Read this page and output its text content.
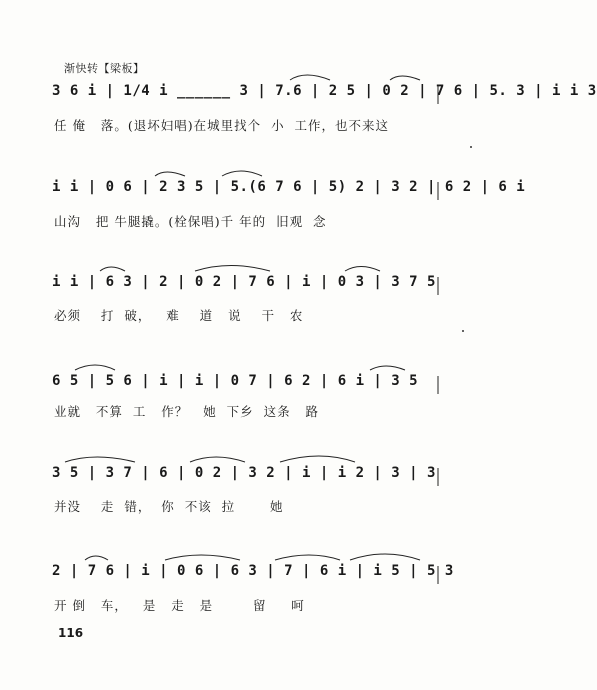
渐快转【梁板】
3 6 i | 1/4 i ______ 3 | 7.6 | 2 5 | 0 2 | 7 6 | 5. 3 | i i 3
任 俺   落。(退坏妇唱)在城里找个  小  工作，也不来这
i i | 0 6 | 2 3 5 | 5.(6 7 6 | 5) 2 | 3 2 | 6 2 | 6 i
山沟   把 牛腿撬。(栓保唱)千 年的  旧观  念
i i | 6 3 | 2 | 0 2 | 7 6 | i | 0 3 | 3 7 5
必须    打  破，   难    道   说    干   农
6 5 | 5 6 | i | i | 0 7 | 6 2 | 6 i | 3 5
业就   不算  工   作？   她  下乡  这条   路
3 5 | 3 7 | 6 | 0 2 | 3 2 | i | i 2 | 3 | 3
并没    走  错，  你  不该  拉       她
2 | 7 6 | i | 0 6 | 6 3 | 7 | 6 i | i 5 | 5 3
开 倒   车，   是   走   是        留     呵
116
